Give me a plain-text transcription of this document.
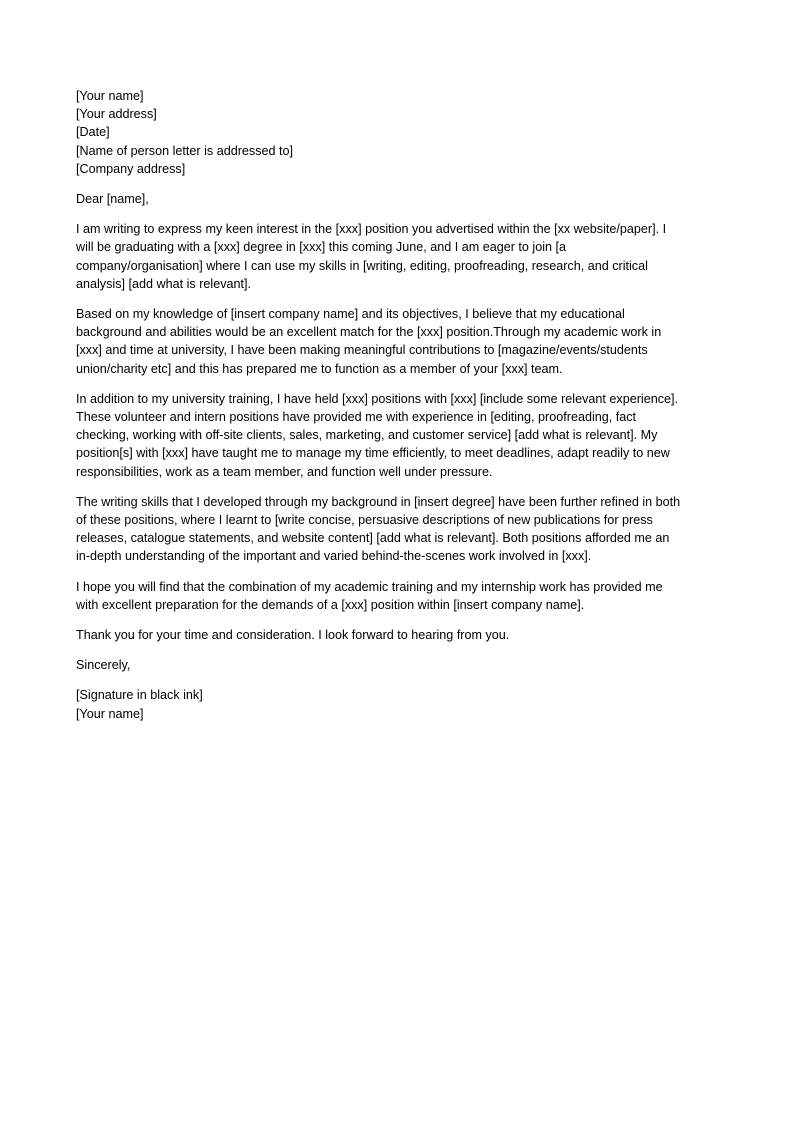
[Your name]
[Your address]
[Date]
[Name of person letter is addressed to]
[Company address]
Dear [name],
I am writing to express my keen interest in the [xxx] position you advertised within the [xx website/paper]. I
will be graduating with a [xxx] degree in [xxx] this coming June, and I am eager to join [a
company/organisation] where I can use my skills in [writing, editing, proofreading, research, and critical
analysis] [add what is relevant].
Based on my knowledge of [insert company name] and its objectives, I believe that my educational
background and abilities would be an excellent match for the [xxx] position.Through my academic work in
[xxx] and time at university, I have been making meaningful contributions to [magazine/events/students
union/charity etc] and this has prepared me to function as a member of your [xxx] team.
In addition to my university training, I have held [xxx] positions with [xxx] [include some relevant experience].
These volunteer and intern positions have provided me with experience in [editing, proofreading, fact
checking, working with off-site clients, sales, marketing, and customer service] [add what is relevant]. My
position[s] with [xxx] have taught me to manage my time efficiently, to meet deadlines, adapt readily to new
responsibilities, work as a team member, and function well under pressure.
The writing skills that I developed through my background in [insert degree] have been further refined in both
of these positions, where I learnt to [write concise, persuasive descriptions of new publications for press
releases, catalogue statements, and website content] [add what is relevant]. Both positions afforded me an
in-depth understanding of the important and varied behind-the-scenes work involved in [xxx].
I hope you will find that the combination of my academic training and my internship work has provided me
with excellent preparation for the demands of a [xxx] position within [insert company name].
Thank you for your time and consideration. I look forward to hearing from you.
Sincerely,
[Signature in black ink]
[Your name]
